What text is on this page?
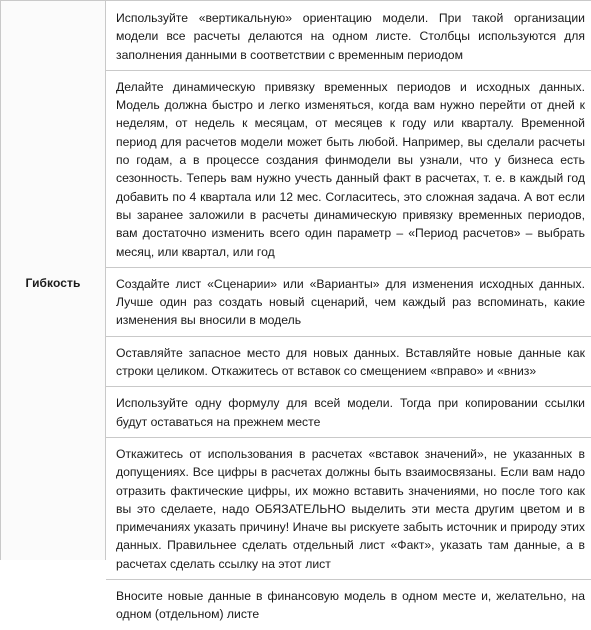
Гибкость
Используйте «вертикальную» ориентацию модели. При такой организации модели все расчеты делаются на одном листе. Столбцы используются для заполнения данными в соответствии с временным периодом
Делайте динамическую привязку временных периодов и исходных данных. Модель должна быстро и легко изменяться, когда вам нужно перейти от дней к неделям, от недель к месяцам, от месяцев к году или кварталу. Временной период для расчетов модели может быть любой. Например, вы сделали расчеты по годам, а в процессе создания финмодели вы узнали, что у бизнеса есть сезонность. Теперь вам нужно учесть данный факт в расчетах, т. е. в каждый год добавить по 4 квартала или 12 мес. Согласитесь, это сложная задача. А вот если вы заранее заложили в расчеты динамическую привязку временных периодов, вам достаточно изменить всего один параметр – «Период расчетов» – выбрать месяц, или квартал, или год
Создайте лист «Сценарии» или «Варианты» для изменения исходных данных. Лучше один раз создать новый сценарий, чем каждый раз вспоминать, какие изменения вы вносили в модель
Оставляйте запасное место для новых данных. Вставляйте новые данные как строки целиком. Откажитесь от вставок со смещением «вправо» и «вниз»
Используйте одну формулу для всей модели. Тогда при копировании ссылки будут оставаться на прежнем месте
Откажитесь от использования в расчетах «вставок значений», не указанных в допущениях. Все цифры в расчетах должны быть взаимосвязаны. Если вам надо отразить фактические цифры, их можно вставить значениями, но после того как вы это сделаете, надо ОБЯЗАТЕЛЬНО выделить эти места другим цветом и в примечаниях указать причину! Иначе вы рискуете забыть источник и природу этих данных. Правильнее сделать отдельный лист «Факт», указать там данные, а в расчетах сделать ссылку на этот лист
Вносите новые данные в финансовую модель в одном месте и, желательно, на одном (отдельном) листе
